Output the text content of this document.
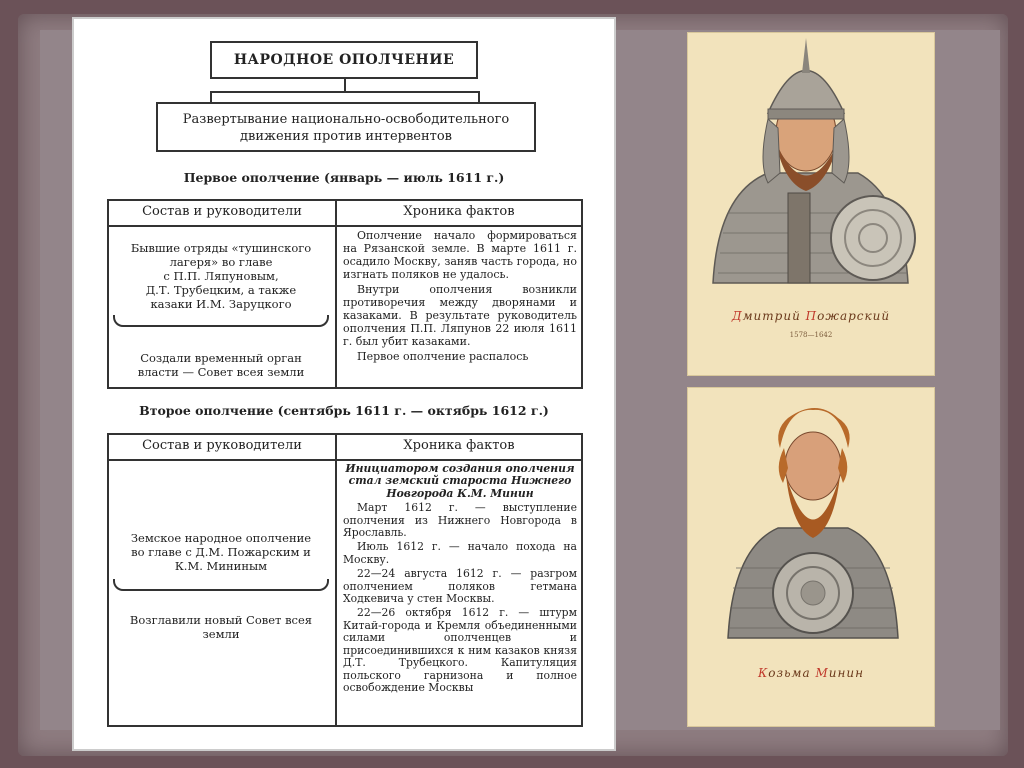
НАРОДНОЕ ОПОЛЧЕНИЕ
Развертывание национально-освободительного
движения против интервентов
Первое ополчение (январь — июль 1611 г.)
Состав и руководители	Хроника фактов
Бывшие отряды «тушинского
лагеря» во главе
с П.П. Ляпуновым,
Д.Т. Трубецким, а также
казаки И.М. Заруцкого
Создали временный орган
власти — Совет всея земли

Ополчение начало формироваться на Рязанской земле. В марте 1611 г. осадило Москву, заняв часть города, но изгнать поляков не удалось.

Внутри ополчения возникли противоречия между дворянами и казаками. В результате руководитель ополчения П.П. Ляпунов 22 июля 1611 г. был убит казаками.

Первое ополчение распалось

Второе ополчение (сентябрь 1611 г. — октябрь 1612 г.)
Состав и руководители	Хроника фактов
Земское народное ополчение
во главе с Д.М. Пожарским и
К.М. Мининым
Возглавили новый Совет всея
земли

Инициатором создания ополчения стал земский староста Нижнего Новгорода К.М. Минин

Март 1612 г. — выступление ополчения из Нижнего Новгорода в Ярославль.

Июль 1612 г. — начало похода на Москву.

22—24 августа 1612 г. — разгром ополчением поляков гетмана Ходкевича у стен Москвы.

22—26 октября 1612 г. — штурм Китай-города и Кремля объединенными силами ополченцев и присоединившихся к ним казаков князя Д.Т. Трубецкого. Капитуляция польского гарнизона и полное освобождение Москвы

Дмитрий Пожарский
1578—1642
Козьма Минин
